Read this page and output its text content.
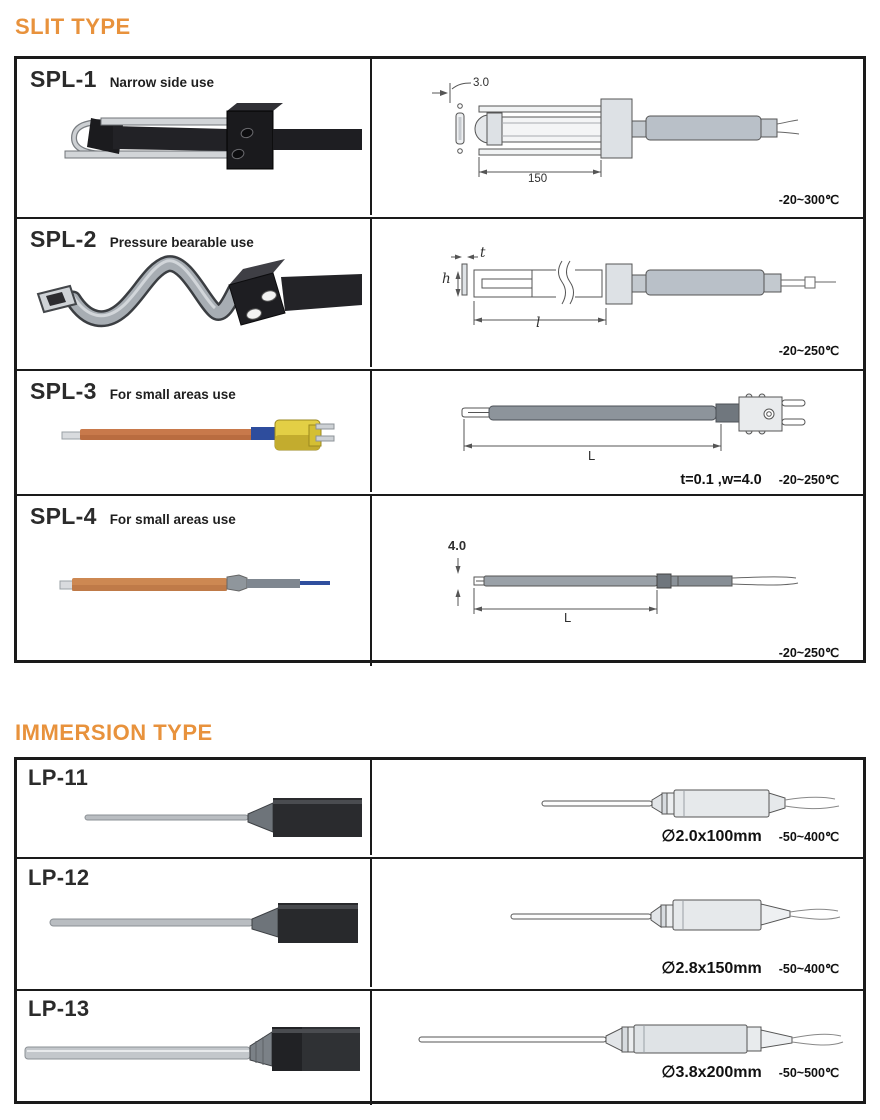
SLIT TYPE
SPL-1 Narrow side use	3.0
150
-20~300℃
SPL-2 Pressure bearable use
t
h
l
-20~250℃
SPL-3 For small areas use
L
t=0.1 ,w=4.0 -20~250℃
SPL-4 For small areas use
4.0
L
-20~250℃
IMMERSION TYPE
LP-11
∅2.0x100mm -50~400℃
LP-12
∅2.8x150mm -50~400℃
LP-13
∅3.8x200mm -50~500℃
